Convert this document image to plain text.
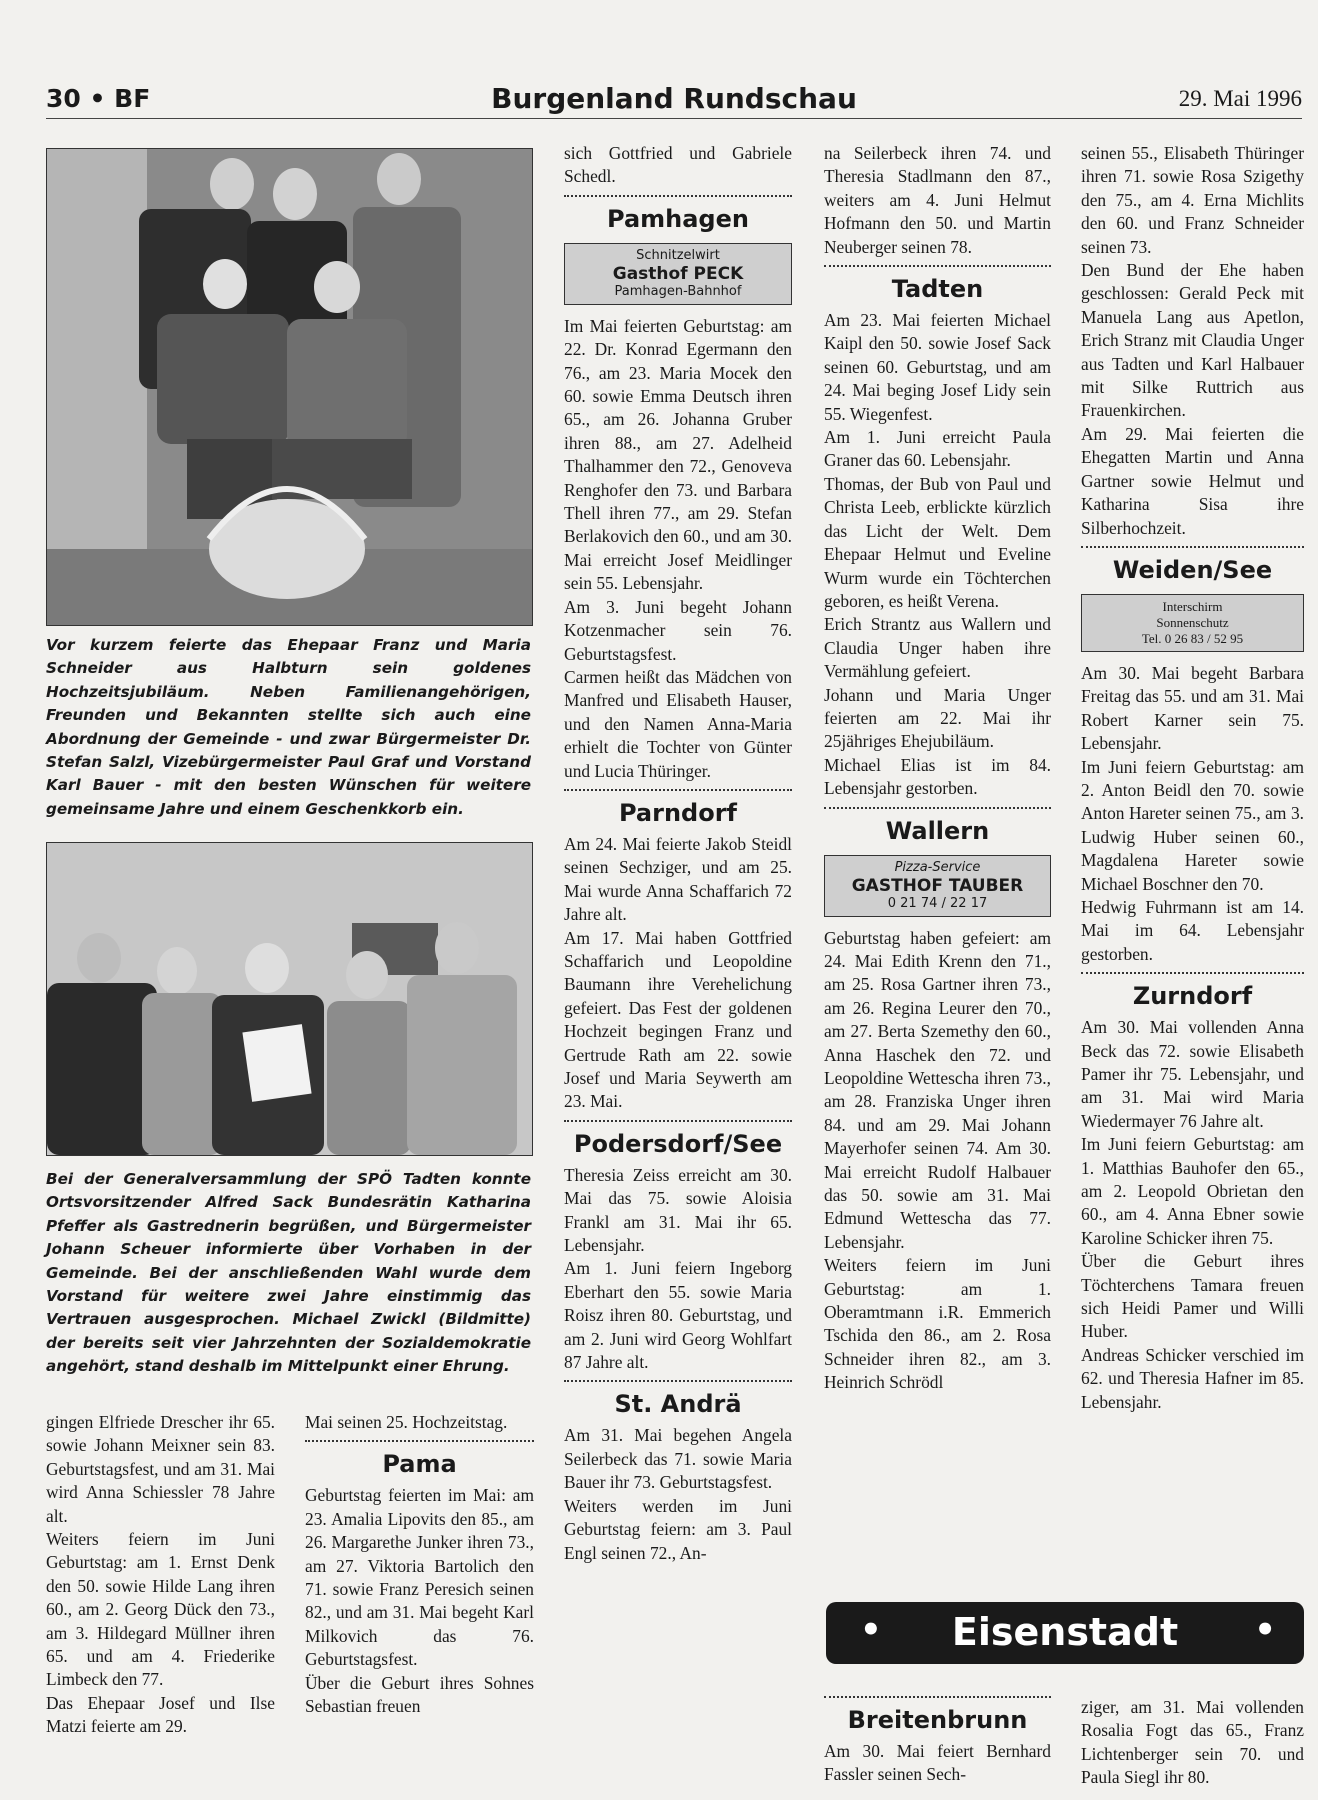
30 • BF	Burgenland Rundschau	29. Mai 1996
Vor kurzem feierte das Ehepaar Franz und Maria Schneider aus Halbturn sein goldenes Hochzeitsjubiläum. Neben Familienangehörigen, Freunden und Bekannten stellte sich auch eine Abordnung der Gemeinde - und zwar Bürgermeister Dr. Stefan Salzl, Vizebürgermeister Paul Graf und Vorstand Karl Bauer - mit den besten Wünschen für weitere gemeinsame Jahre und einem Geschenkkorb ein.
Bei der Generalversammlung der SPÖ Tadten konnte Ortsvorsitzender Alfred Sack Bundesrätin Katharina Pfeffer als Gastrednerin begrüßen, und Bürgermeister Johann Scheuer informierte über Vorhaben in der Gemeinde. Bei der anschließenden Wahl wurde dem Vorstand für weitere zwei Jahre einstimmig das Vertrauen ausgesprochen. Michael Zwickl (Bildmitte) der bereits seit vier Jahrzehnten der Sozialdemokratie angehört, stand deshalb im Mittelpunkt einer Ehrung.

gingen Elfriede Drescher ihr 65. sowie Johann Meixner sein 83. Geburtstagsfest, und am 31. Mai wird Anna Schiessler 78 Jahre alt.

Weiters feiern im Juni Geburtstag: am 1. Ernst Denk den 50. sowie Hilde Lang ihren 60., am 2. Georg Dück den 73., am 3. Hildegard Müllner ihren 65. und am 4. Friederike Limbeck den 77.

Das Ehepaar Josef und Ilse Matzi feierte am 29.

Mai seinen 25. Hochzeitstag.

Pama

Geburtstag feierten im Mai: am 23. Amalia Lipovits den 85., am 26. Margarethe Junker ihren 73., am 27. Viktoria Bartolich den 71. sowie Franz Peresich seinen 82., und am 31. Mai begeht Karl Milkovich das 76. Geburtstagsfest.

Über die Geburt ihres Sohnes Sebastian freuen

sich Gottfried und Gabriele Schedl.

Pamhagen
Schnitzelwirt
Gasthof PECK
Pamhagen-Bahnhof

Im Mai feierten Geburtstag: am 22. Dr. Konrad Egermann den 76., am 23. Maria Mocek den 60. sowie Emma Deutsch ihren 65., am 26. Johanna Gruber ihren 88., am 27. Adelheid Thalhammer den 72., Genoveva Renghofer den 73. und Barbara Thell ihren 77., am 29. Stefan Berlakovich den 60., und am 30. Mai erreicht Josef Meidlinger sein 55. Lebensjahr.

Am 3. Juni begeht Johann Kotzenmacher sein 76. Geburtstagsfest.

Carmen heißt das Mädchen von Manfred und Elisabeth Hauser, und den Namen Anna-Maria erhielt die Tochter von Günter und Lucia Thüringer.

Parndorf

Am 24. Mai feierte Jakob Steidl seinen Sechziger, und am 25. Mai wurde Anna Schaffarich 72 Jahre alt.

Am 17. Mai haben Gottfried Schaffarich und Leopoldine Baumann ihre Verehelichung gefeiert. Das Fest der goldenen Hochzeit begingen Franz und Gertrude Rath am 22. sowie Josef und Maria Seywerth am 23. Mai.

Podersdorf/See

Theresia Zeiss erreicht am 30. Mai das 75. sowie Aloisia Frankl am 31. Mai ihr 65. Lebensjahr.

Am 1. Juni feiern Ingeborg Eberhart den 55. sowie Maria Roisz ihren 80. Geburtstag, und am 2. Juni wird Georg Wohlfart 87 Jahre alt.

St. Andrä

Am 31. Mai begehen Angela Seilerbeck das 71. sowie Maria Bauer ihr 73. Geburtstagsfest.

Weiters werden im Juni Geburtstag feiern: am 3. Paul Engl seinen 72., An-

na Seilerbeck ihren 74. und Theresia Stadlmann den 87., weiters am 4. Juni Helmut Hofmann den 50. und Martin Neuberger seinen 78.

Tadten

Am 23. Mai feierten Michael Kaipl den 50. sowie Josef Sack seinen 60. Geburtstag, und am 24. Mai beging Josef Lidy sein 55. Wiegenfest.

Am 1. Juni erreicht Paula Graner das 60. Lebensjahr.

Thomas, der Bub von Paul und Christa Leeb, erblickte kürzlich das Licht der Welt. Dem Ehepaar Helmut und Eveline Wurm wurde ein Töchterchen geboren, es heißt Verena.

Erich Strantz aus Wallern und Claudia Unger haben ihre Vermählung gefeiert.

Johann und Maria Unger feierten am 22. Mai ihr 25jähriges Ehejubiläum.

Michael Elias ist im 84. Lebensjahr gestorben.

Wallern
Pizza-Service
GASTHOF TAUBER
0 21 74 / 22 17

Geburtstag haben gefeiert: am 24. Mai Edith Krenn den 71., am 25. Rosa Gartner ihren 73., am 26. Regina Leurer den 70., am 27. Berta Szemethy den 60., Anna Haschek den 72. und Leopoldine Wettescha ihren 73., am 28. Franziska Unger ihren 84. und am 29. Mai Johann Mayerhofer seinen 74. Am 30. Mai erreicht Rudolf Halbauer das 50. sowie am 31. Mai Edmund Wettescha das 77. Lebensjahr.

Weiters feiern im Juni Geburtstag: am 1. Oberamtmann i.R. Emmerich Tschida den 86., am 2. Rosa Schneider ihren 82., am 3. Heinrich Schrödl

seinen 55., Elisabeth Thüringer ihren 71. sowie Rosa Szigethy den 75., am 4. Erna Michlits den 60. und Franz Schneider seinen 73.

Den Bund der Ehe haben geschlossen: Gerald Peck mit Manuela Lang aus Apetlon, Erich Stranz mit Claudia Unger aus Tadten und Karl Halbauer mit Silke Ruttrich aus Frauenkirchen.

Am 29. Mai feierten die Ehegatten Martin und Anna Gartner sowie Helmut und Katharina Sisa ihre Silberhochzeit.

Weiden/See
Interschirm
Sonnenschutz
Tel. 0 26 83 / 52 95

Am 30. Mai begeht Barbara Freitag das 55. und am 31. Mai Robert Karner sein 75. Lebensjahr.

Im Juni feiern Geburtstag: am 2. Anton Beidl den 70. sowie Anton Hareter seinen 75., am 3. Ludwig Huber seinen 60., Magdalena Hareter sowie Michael Boschner den 70.

Hedwig Fuhrmann ist am 14. Mai im 64. Lebensjahr gestorben.

Zurndorf

Am 30. Mai vollenden Anna Beck das 72. sowie Elisabeth Pamer ihr 75. Lebensjahr, und am 31. Mai wird Maria Wiedermayer 76 Jahre alt.

Im Juni feiern Geburtstag: am 1. Matthias Bauhofer den 65., am 2. Leopold Obrietan den 60., am 4. Anna Ebner sowie Karoline Schicker ihren 75.

Über die Geburt ihres Töchterchens Tamara freuen sich Heidi Pamer und Willi Huber.

Andreas Schicker verschied im 62. und Theresia Hafner im 85. Lebensjahr.

•	Eisenstadt	•
Breitenbrunn

Am 30. Mai feiert Bernhard Fassler seinen Sech-

ziger, am 31. Mai vollenden Rosalia Fogt das 65., Franz Lichtenberger sein 70. und Paula Siegl ihr 80.
